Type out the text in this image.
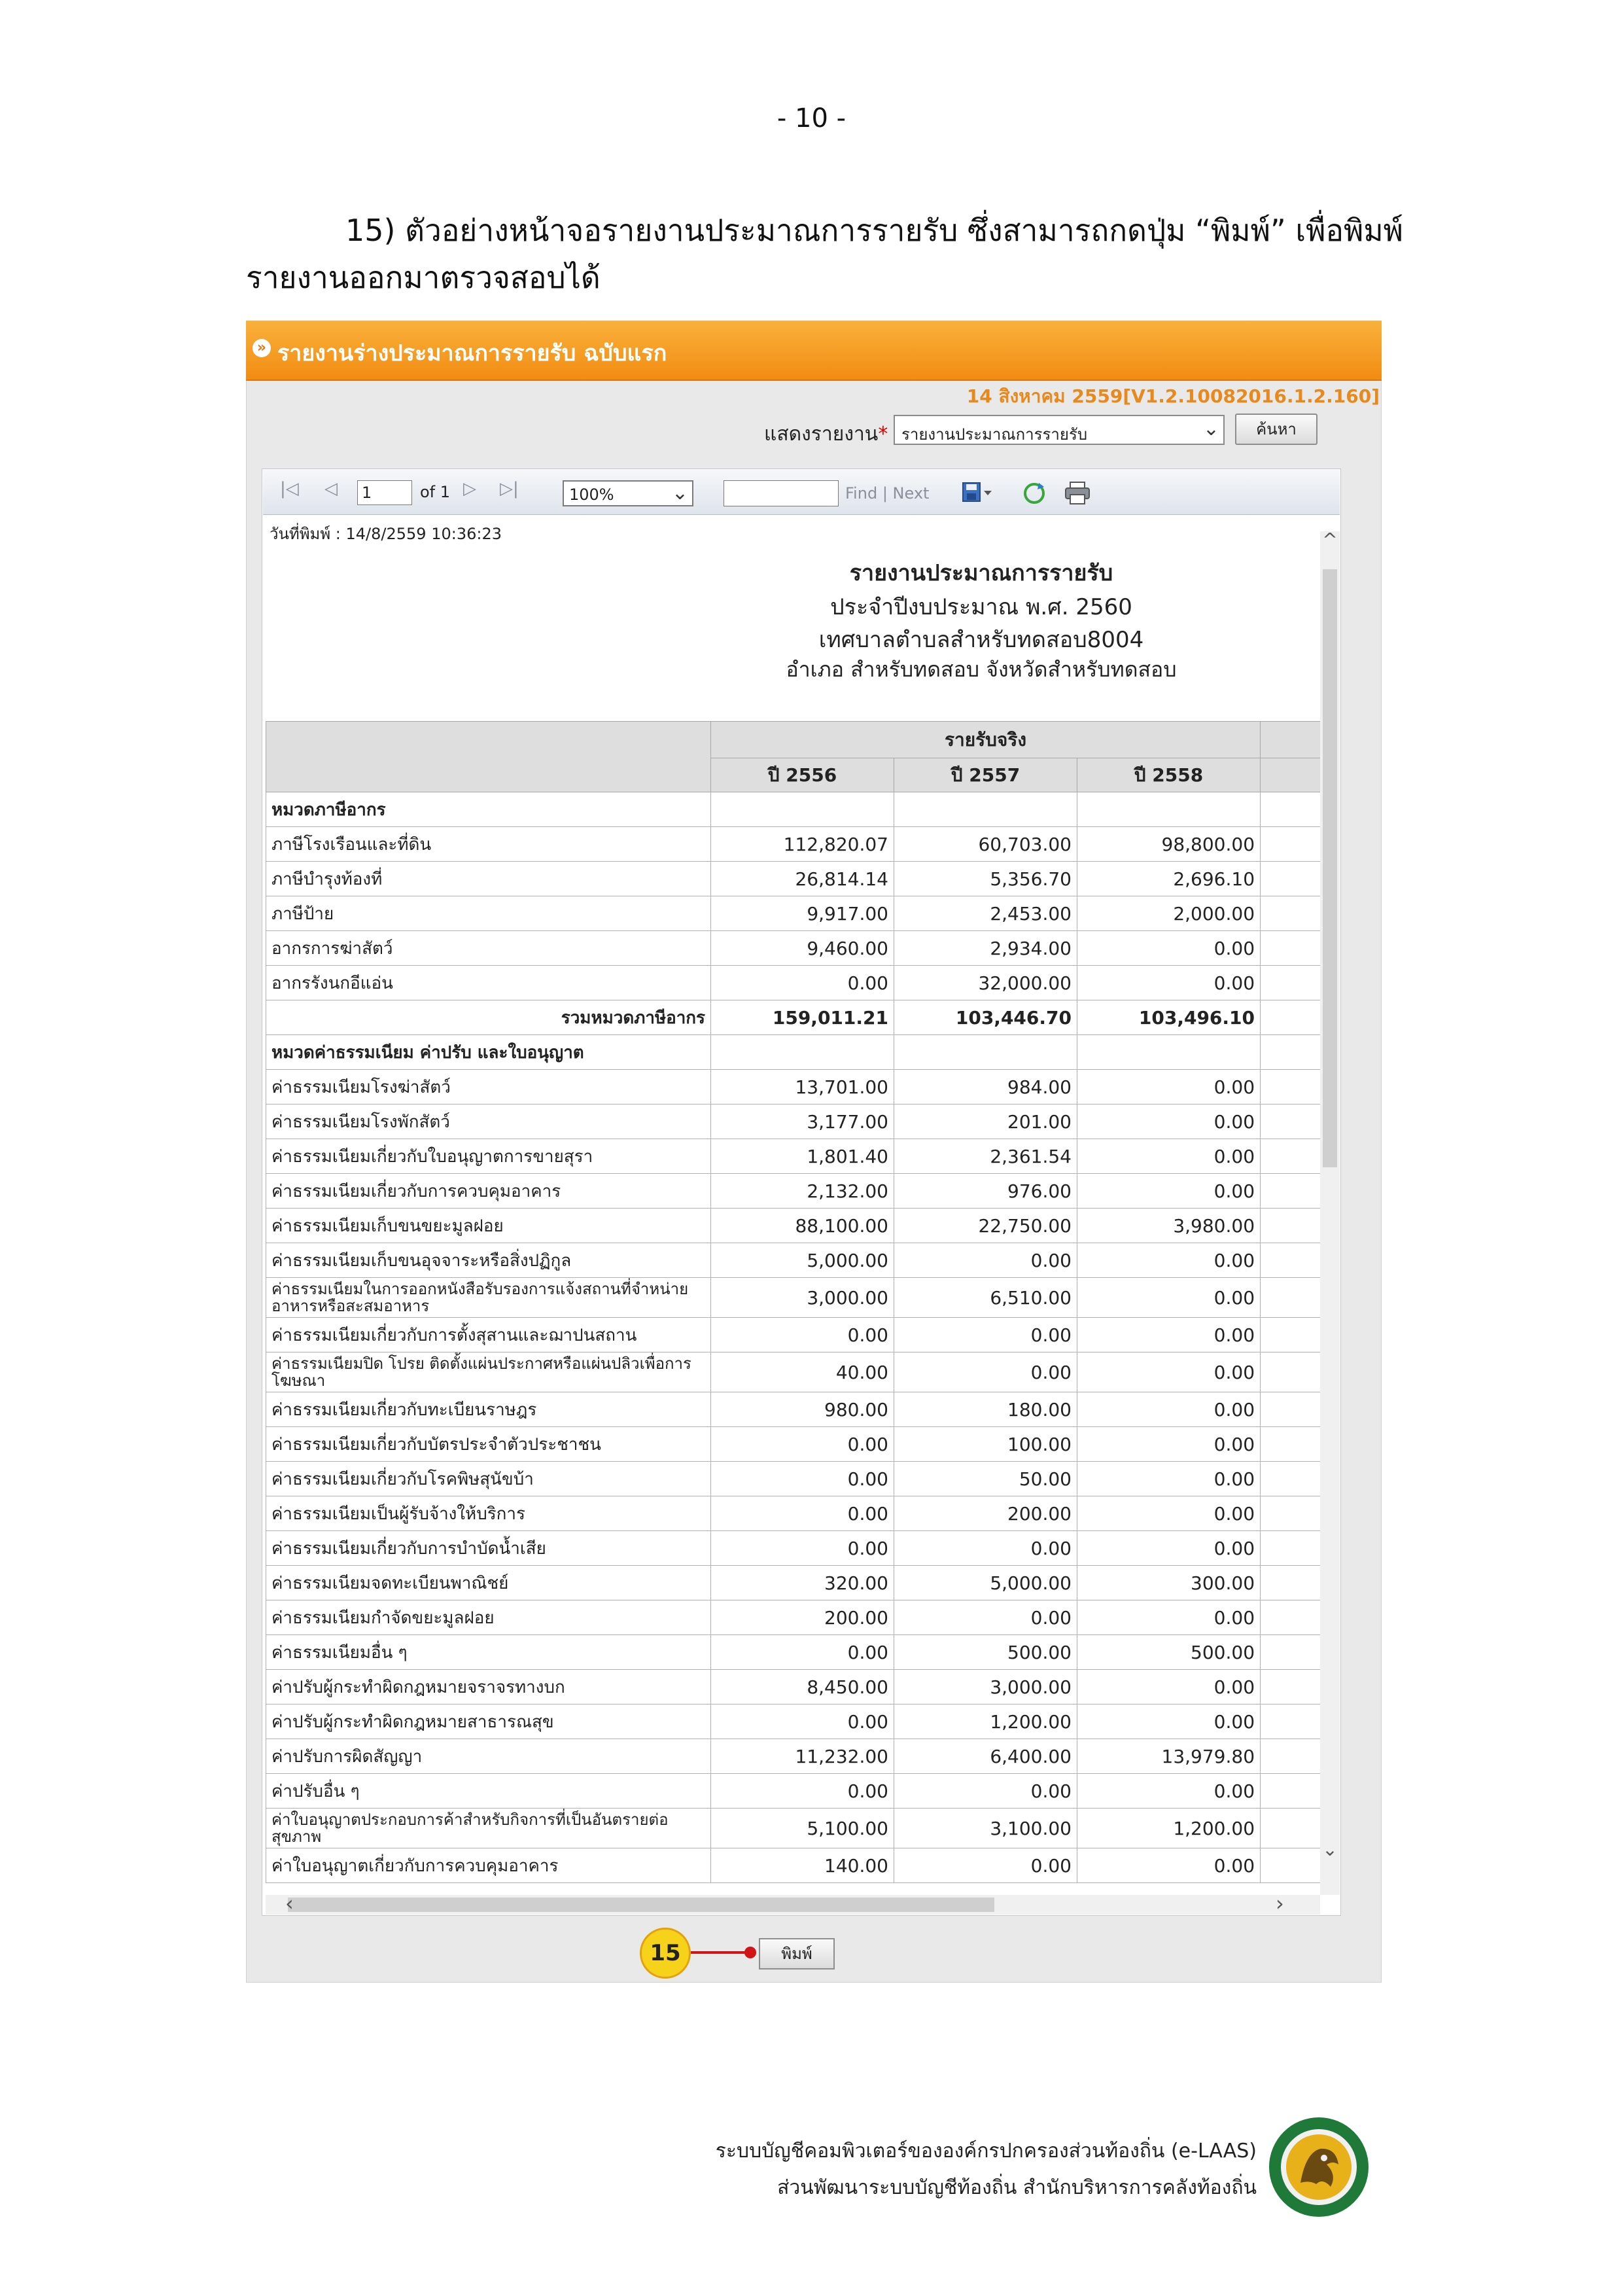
- 10 -
15) ตัวอย่างหน้าจอรายงานประมาณการรายรับ ซึ่งสามารถกดปุ่ม “พิมพ์” เพื่อพิมพ์
รายงานออกมาตรวจสอบได้
» รายงานร่างประมาณการรายรับ ฉบับแรก
14 สิงหาคม 2559[V1.2.10082016.1.2.160]
แสดงรายงาน* รายงานประมาณการรายรับ	⌄	ค้นหา
|◁ ◁ 1	of 1 ▷ ▷|	100%	⌄	Find | Next
วันที่พิมพ์ : 14/8/2559 10:36:23
รายงานประมาณการรายรับ
ประจำปีงบประมาณ พ.ศ. 2560
เทศบาลตำบลสำหรับทดสอบ8004
อำเภอ สำหรับทดสอบ จังหวัดสำหรับทดสอบ
	รายรับจริง			
	ปี 2556	ปี 2557	ปี 2558	
หมวดภาษีอากร				
ภาษีโรงเรือนและที่ดิน	112,820.07	60,703.00	98,800.00	
ภาษีบำรุงท้องที่	26,814.14	5,356.70	2,696.10	
ภาษีป้าย	9,917.00	2,453.00	2,000.00	
อากรการฆ่าสัตว์	9,460.00	2,934.00	0.00	
อากรรังนกอีแอ่น	0.00	32,000.00	0.00	
รวมหมวดภาษีอากร	159,011.21	103,446.70	103,496.10	
หมวดค่าธรรมเนียม ค่าปรับ และใบอนุญาต				
ค่าธรรมเนียมโรงฆ่าสัตว์	13,701.00	984.00	0.00	
ค่าธรรมเนียมโรงพักสัตว์	3,177.00	201.00	0.00	
ค่าธรรมเนียมเกี่ยวกับใบอนุญาตการขายสุรา	1,801.40	2,361.54	0.00	
ค่าธรรมเนียมเกี่ยวกับการควบคุมอาคาร	2,132.00	976.00	0.00	
ค่าธรรมเนียมเก็บขนขยะมูลฝอย	88,100.00	22,750.00	3,980.00	
ค่าธรรมเนียมเก็บขนอุจจาระหรือสิ่งปฏิกูล	5,000.00	0.00	0.00	
ค่าธรรมเนียมในการออกหนังสือรับรองการแจ้งสถานที่จำหน่ายอาหารหรือสะสมอาหาร	3,000.00	6,510.00	0.00	
ค่าธรรมเนียมเกี่ยวกับการตั้งสุสานและฌาปนสถาน	0.00	0.00	0.00	
ค่าธรรมเนียมปิด โปรย ติดตั้งแผ่นประกาศหรือแผ่นปลิวเพื่อการโฆษณา	40.00	0.00	0.00	
ค่าธรรมเนียมเกี่ยวกับทะเบียนราษฎร	980.00	180.00	0.00	
ค่าธรรมเนียมเกี่ยวกับบัตรประจำตัวประชาชน	0.00	100.00	0.00	
ค่าธรรมเนียมเกี่ยวกับโรคพิษสุนัขบ้า	0.00	50.00	0.00	
ค่าธรรมเนียมเป็นผู้รับจ้างให้บริการ	0.00	200.00	0.00	
ค่าธรรมเนียมเกี่ยวกับการบำบัดน้ำเสีย	0.00	0.00	0.00	
ค่าธรรมเนียมจดทะเบียนพาณิชย์	320.00	5,000.00	300.00	
ค่าธรรมเนียมกำจัดขยะมูลฝอย	200.00	0.00	0.00	
ค่าธรรมเนียมอื่น ๆ	0.00	500.00	500.00	
ค่าปรับผู้กระทำผิดกฎหมายจราจรทางบก	8,450.00	3,000.00	0.00	
ค่าปรับผู้กระทำผิดกฎหมายสาธารณสุข	0.00	1,200.00	0.00	
ค่าปรับการผิดสัญญา	11,232.00	6,400.00	13,979.80	
ค่าปรับอื่น ๆ	0.00	0.00	0.00	
ค่าใบอนุญาตประกอบการค้าสำหรับกิจการที่เป็นอันตรายต่อสุขภาพ	5,100.00	3,100.00	1,200.00	
ค่าใบอนุญาตเกี่ยวกับการควบคุมอาคาร	140.00	0.00	0.00	
^
⌄
‹	›
15	พิมพ์
ระบบบัญชีคอมพิวเตอร์ขององค์กรปกครองส่วนท้องถิ่น (e-LAAS)
ส่วนพัฒนาระบบบัญชีท้องถิ่น สำนักบริหารการคลังท้องถิ่น
